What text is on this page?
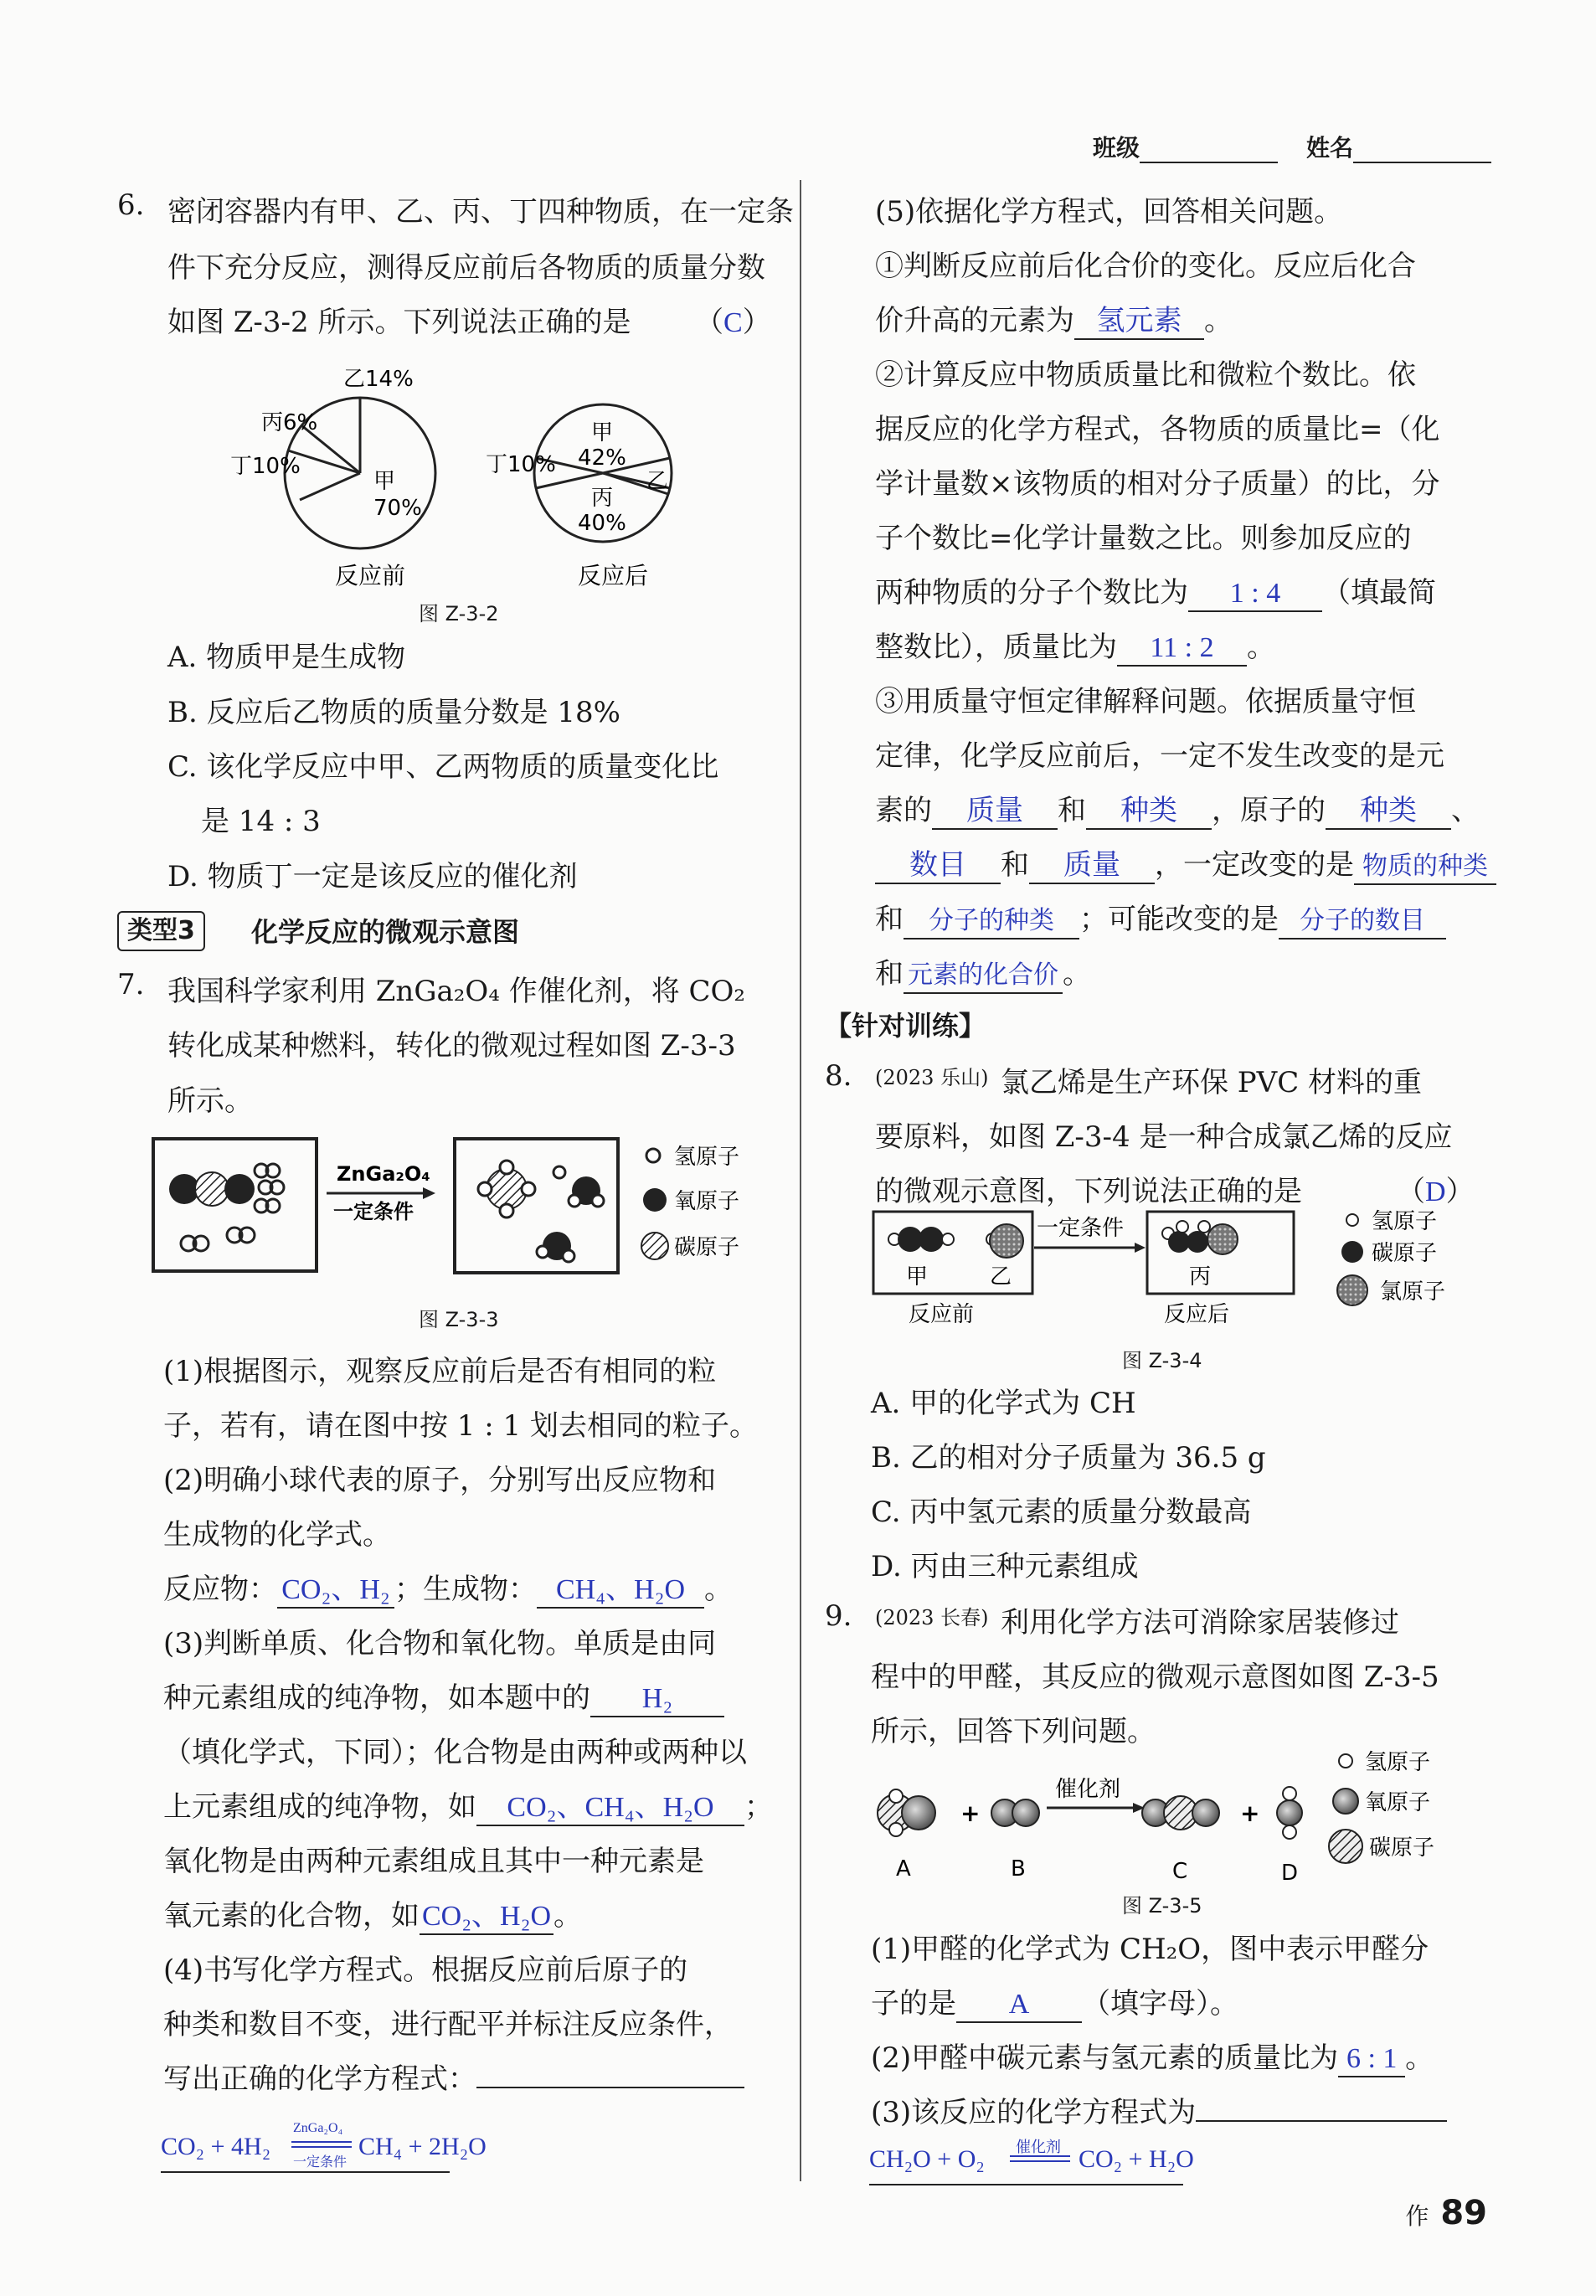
班级	姓名
6. 密闭容器内有甲、乙、丙、丁四种物质，在一定条
件下充分反应，测得反应前后各物质的质量分数
如图 Z-3-2 所示。下列说法正确的是 （C）
甲
70%
乙14%
丙6%
丁10%
反应前
甲
42%
丙
40%
丁10%
乙
反应后
图 Z-3-2
A. 物质甲是生成物
B. 反应后乙物质的质量分数是 18%
C. 该化学反应中甲、乙两物质的质量变化比
是 14 : 3
D. 物质丁一定是该反应的催化剂
类型3	化学反应的微观示意图
7. 我国科学家利用 ZnGa₂O₄ 作催化剂，将 CO₂
转化成某种燃料，转化的微观过程如图 Z-3-3
所示。
ZnGa₂O₄
一定条件
氢原子
氧原子
碳原子
图 Z-3-3
(1)根据图示，观察反应前后是否有相同的粒
子，若有，请在图中按 1 : 1 划去相同的粒子。
(2)明确小球代表的原子，分别写出反应物和
生成物的化学式。
反应物： CO₂、H₂ ；生成物： CH₄、H₂O 。
(3)判断单质、化合物和氧化物。单质是由同
种元素组成的纯净物，如本题中的 H₂
（填化学式，下同）；化合物是由两种或两种以
上元素组成的纯净物，如 CO₂、CH₄、H₂O ；
氧化物是由两种元素组成且其中一种元素是
氧元素的化合物，如CO₂、H₂O。
(4)书写化学方程式。根据反应前后原子的
种类和数目不变，进行配平并标注反应条件，
写出正确的化学方程式：
CO₂ + 4H₂
ZnGa₂O₄
一定条件
CH₄ + 2H₂O
(5)依据化学方程式，回答相关问题。
①判断反应前后化合价的变化。反应后化合
价升高的元素为 氢元素 。
②计算反应中物质质量比和微粒个数比。依
据反应的化学方程式，各物质的质量比=（化
学计量数×该物质的相对分子质量）的比，分
子个数比=化学计量数之比。则参加反应的
两种物质的分子个数比为 1 : 4 （填最简
整数比），质量比为 11 : 2 。
③用质量守恒定律解释问题。依据质量守恒
定律，化学反应前后，一定不发生改变的是元
素的 质量 和 种类 ，原子的 种类 、
数目 和 质量 ，一定改变的是 物质的种类
和 分子的种类 ；可能改变的是 分子的数目
和 元素的化合价 。
【针对训练】
8. (2023 乐山) 氯乙烯是生产环保 PVC 材料的重
要原料，如图 Z-3-4 是一种合成氯乙烯的反应
的微观示意图，下列说法正确的是	（D）
甲	乙
一定条件
丙
反应前	反应后
氢原子
碳原子
氯原子
图 Z-3-4
A. 甲的化学式为 CH
B. 乙的相对分子质量为 36.5 g
C. 丙中氢元素的质量分数最高
D. 丙由三种元素组成
9. (2023 长春) 利用化学方法可消除家居装修过
程中的甲醛，其反应的微观示意图如图 Z-3-5
所示，回答下列问题。
+
催化剂
+
A	B	C	D
氢原子
氧原子
碳原子
图 Z-3-5
(1)甲醛的化学式为 CH₂O，图中表示甲醛分
子的是 A （填字母）。
(2)甲醛中碳元素与氢元素的质量比为 6 : 1 。
(3)该反应的化学方程式为
CH₂O + O₂ 催化剂 CO₂ + H₂O
作 89
